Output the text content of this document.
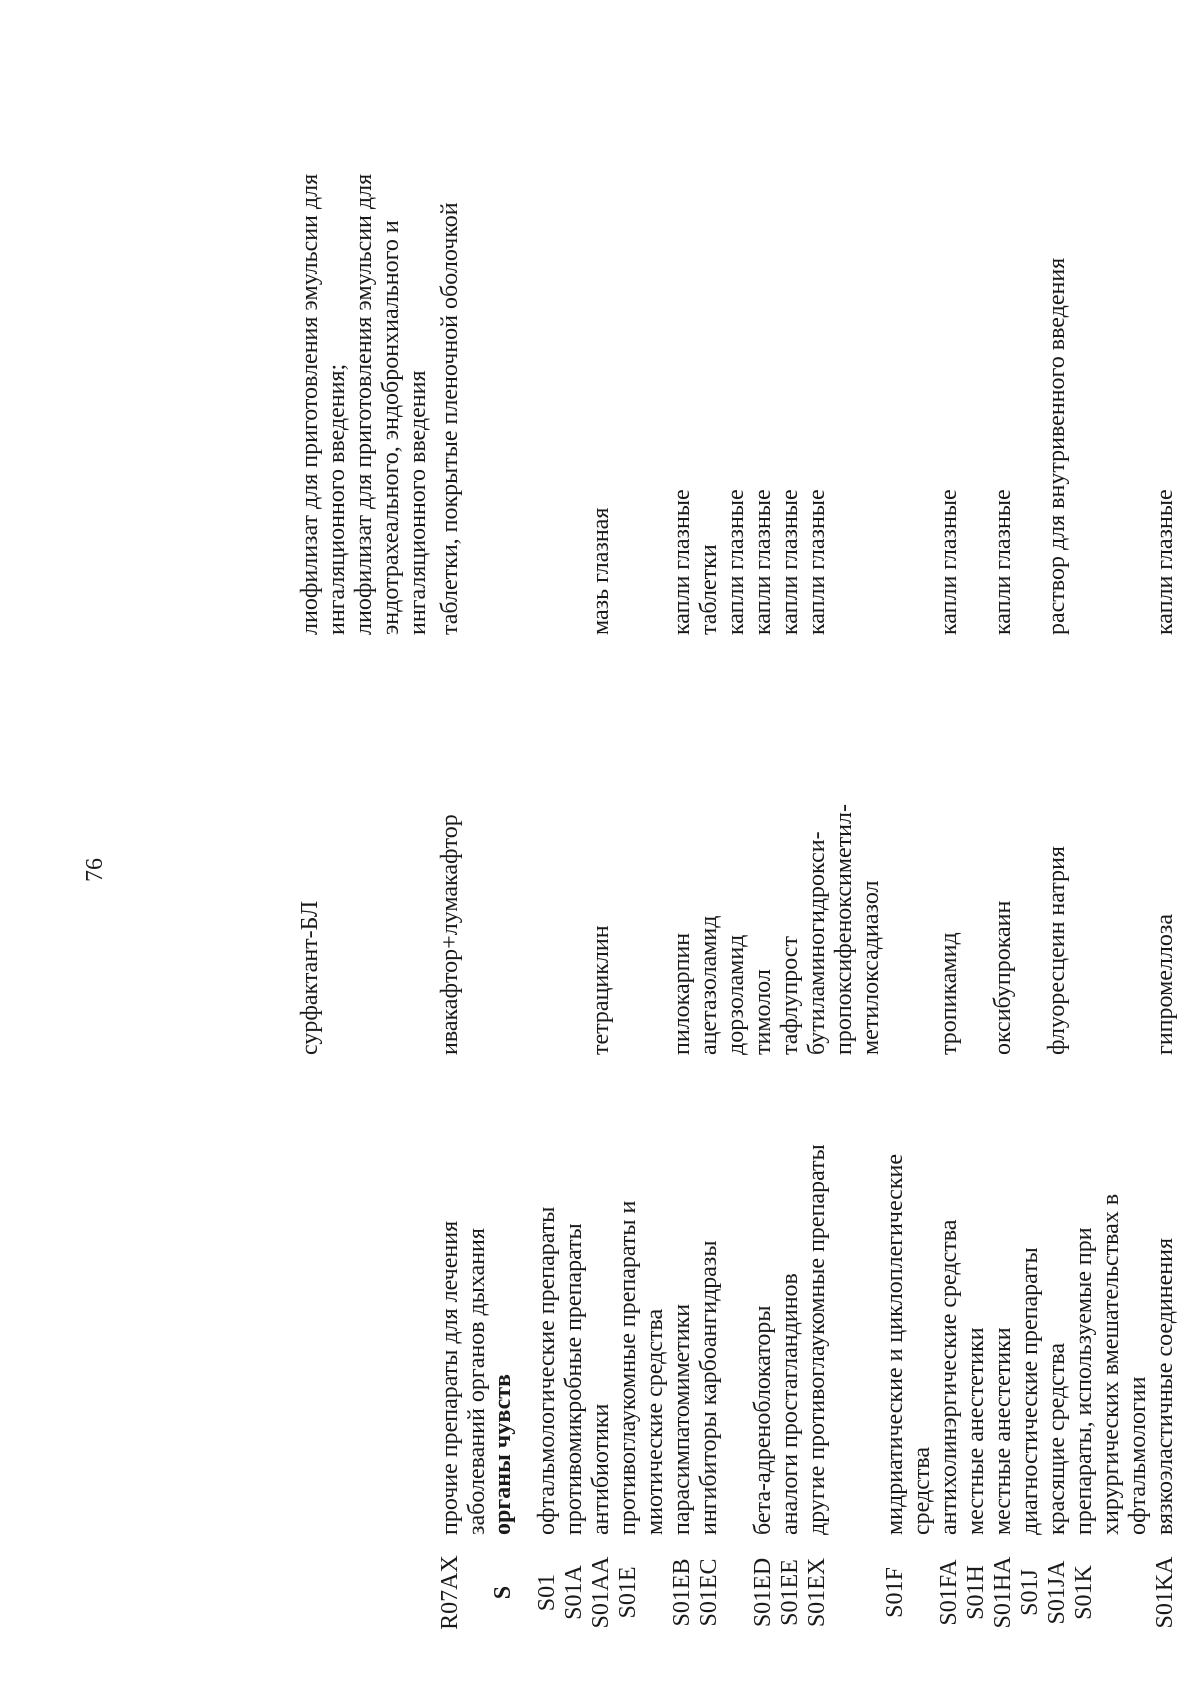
76
сурфактант-БЛ
лиофилизат для приготовления эмульсии для
ингаляционного введения;
лиофилизат для приготовления эмульсии для
эндотрахеального, эндобронхиального и
ингаляционного введения
R07AX
прочие препараты для лечения
заболеваний органов дыхания
ивакафтор+лумакафтор
таблетки, покрытые пленочной оболочкой
S
органы чувств
S01
S01A
S01AA
офтальмологические препараты
противомикробные препараты
антибиотики

тетрациклин

мазь глазная
S01E
противоглаукомные препараты и
миотические средства
S01EB
S01EC
парасимпатомиметики
ингибиторы карбоангидразы
пилокарпин
ацетазоламид
дорзоламид
капли глазные
таблетки
капли глазные
S01ED
S01EE
S01EX
бета-адреноблокаторы
аналоги простагландинов
другие противоглаукомные препараты
тимолол
тафлупрост
бутиламиногидрокси-
пропоксифеноксиметил-
метилоксадиазол
капли глазные
капли глазные
капли глазные
S01F
мидриатические и циклоплегические
средства
S01FA
антихолинэргические средства
тропикамид
капли глазные
S01H
S01HA
местные анестетики
местные анестетики

оксибупрокаин

капли глазные
S01J
S01JA
диагностические препараты
красящие средства

флуоресцеин натрия

раствор для внутривенного введения
S01K
препараты, используемые при
хирургических вмешательствах в
офтальмологии
S01KA
вязкоэластичные соединения
гипромеллоза
капли глазные
